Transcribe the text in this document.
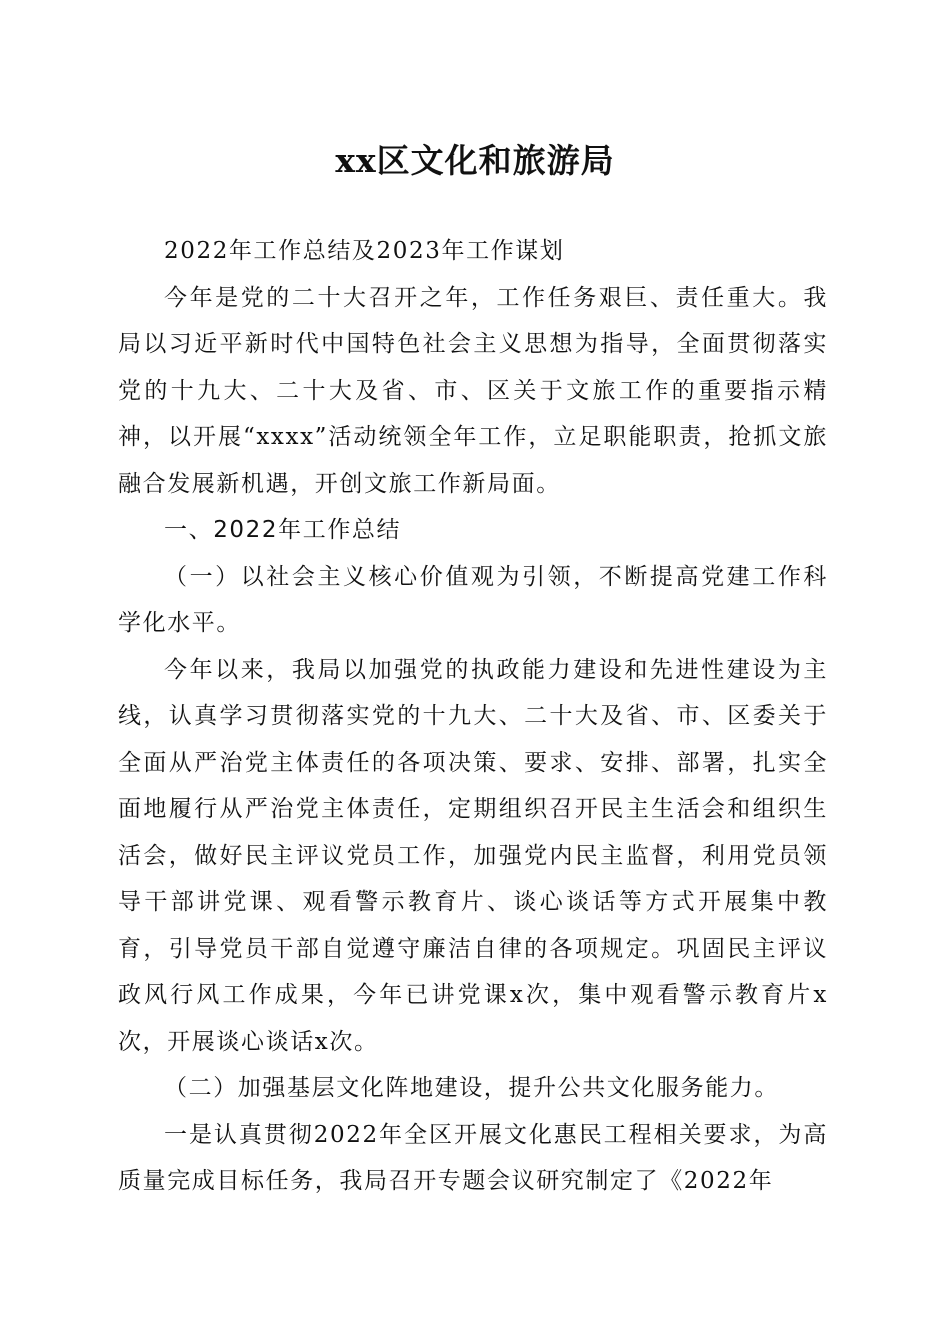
xx区文化和旅游局

2022年工作总结及2023年工作谋划

今年是党的二十大召开之年，工作任务艰巨、责任重大。我局以习近平新时代中国特色社会主义思想为指导，全面贯彻落实党的十九大、二十大及省、市、区关于文旅工作的重要指示精神，以开展“xxxx”活动统领全年工作，立足职能职责，抢抓文旅融合发展新机遇，开创文旅工作新局面。

一、2022年工作总结

（一）以社会主义核心价值观为引领，不断提高党建工作科学化水平。

今年以来，我局以加强党的执政能力建设和先进性建设为主线，认真学习贯彻落实党的十九大、二十大及省、市、区委关于全面从严治党主体责任的各项决策、要求、安排、部署，扎实全面地履行从严治党主体责任，定期组织召开民主生活会和组织生活会，做好民主评议党员工作，加强党内民主监督，利用党员领导干部讲党课、观看警示教育片、谈心谈话等方式开展集中教育，引导党员干部自觉遵守廉洁自律的各项规定。巩固民主评议政风行风工作成果，今年已讲党课x次，集中观看警示教育片x次，开展谈心谈话x次。

（二）加强基层文化阵地建设，提升公共文化服务能力。

一是认真贯彻2022年全区开展文化惠民工程相关要求，为高质量完成目标任务，我局召开专题会议研究制定了《2022年
